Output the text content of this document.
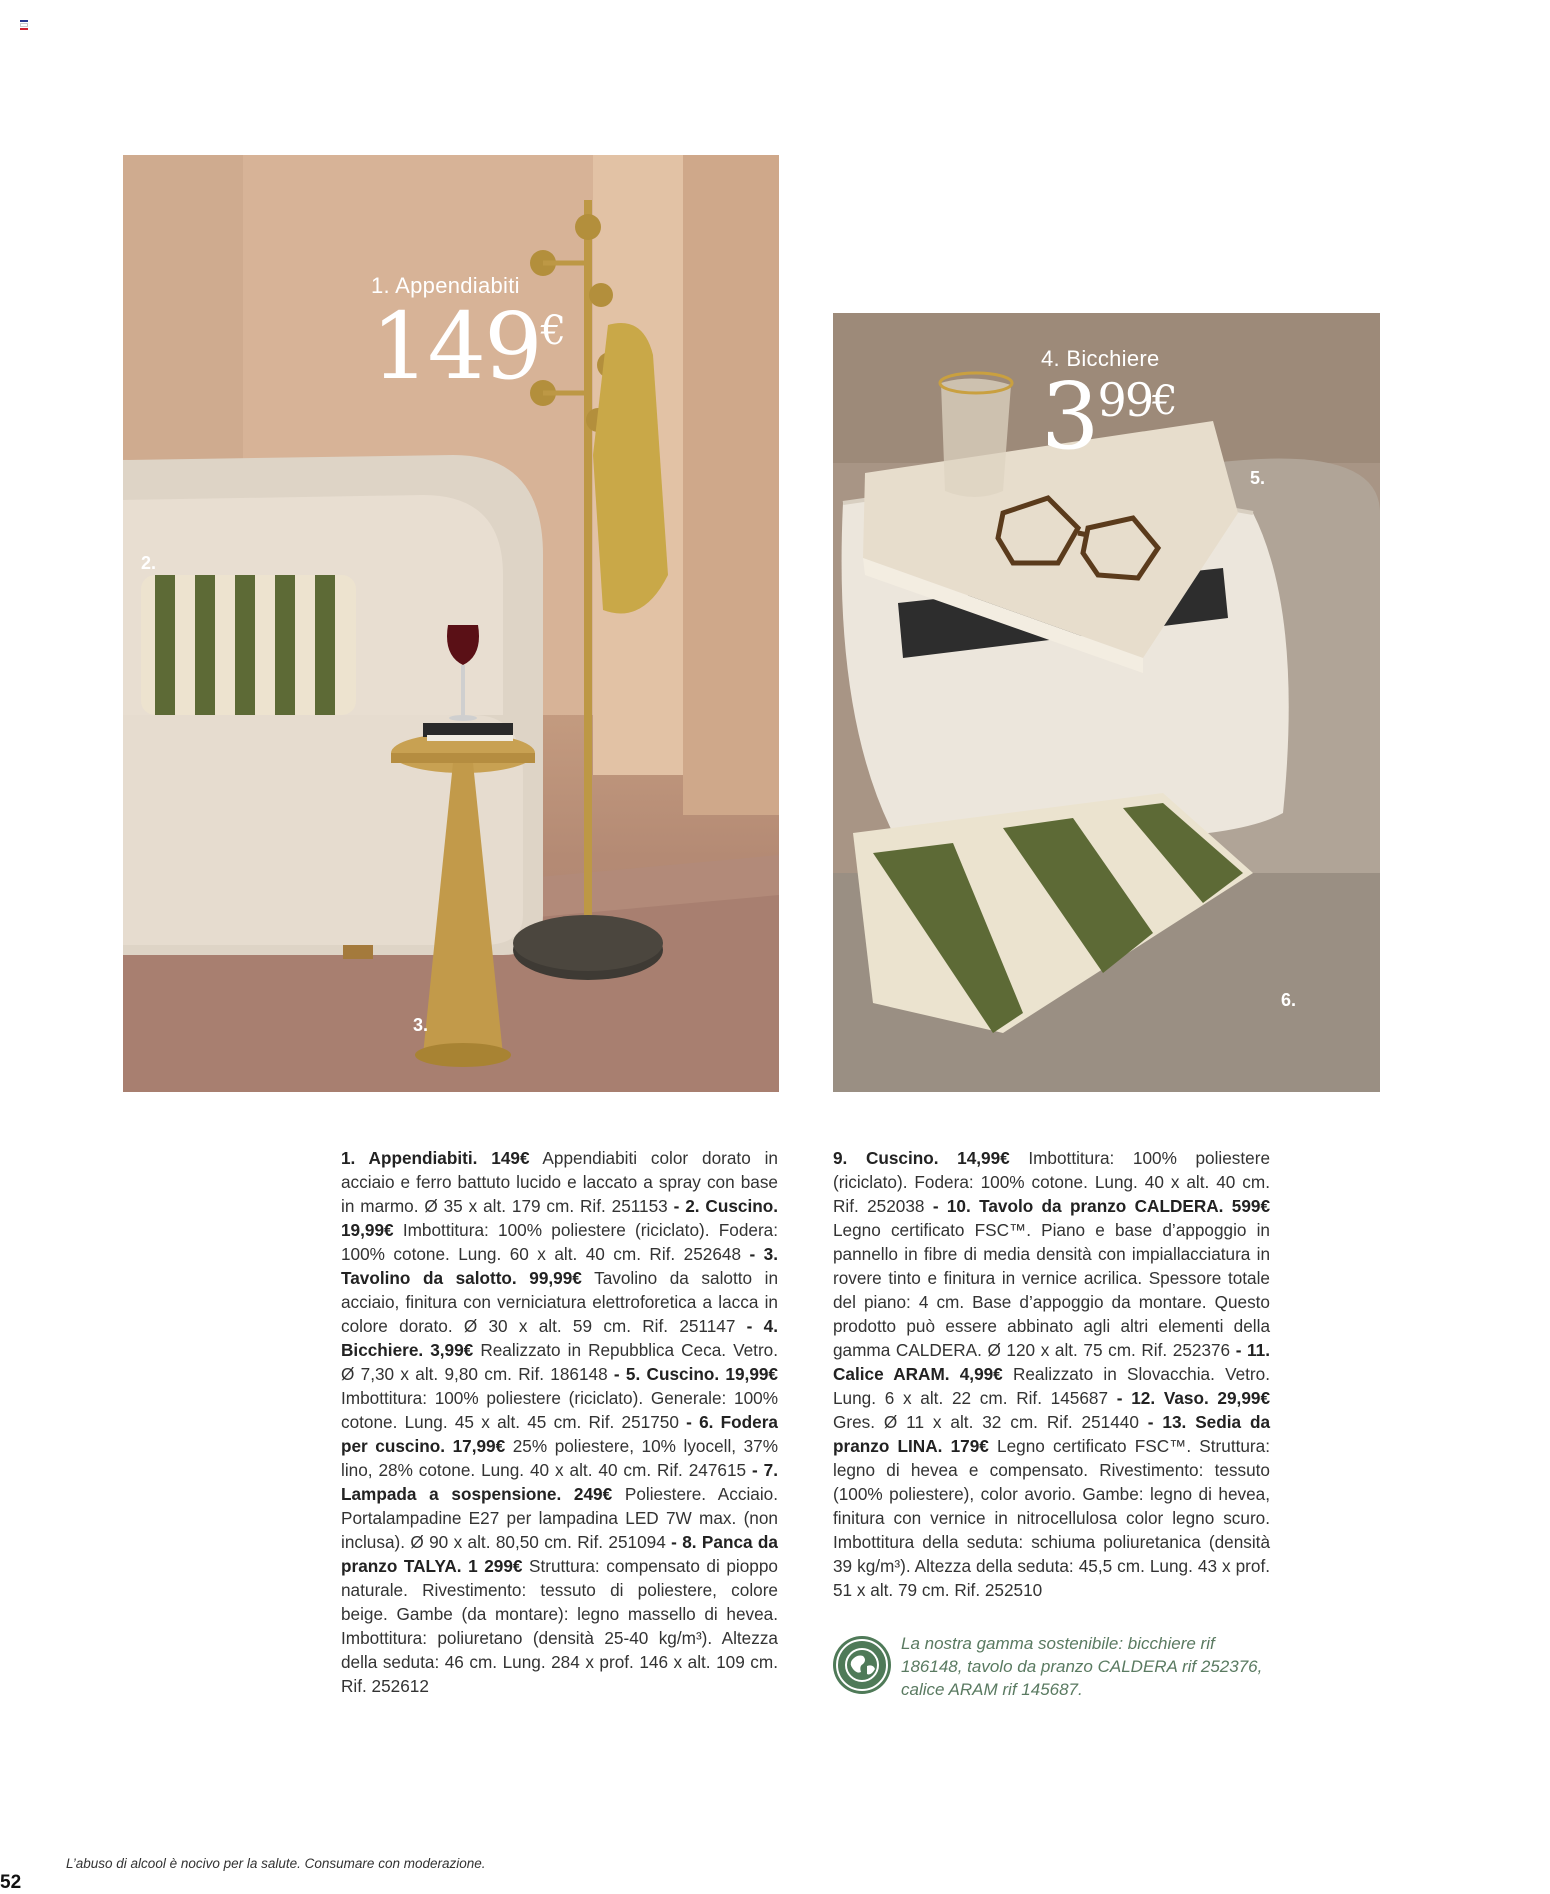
1. Appendiabiti
149€
2.
3.
4. Bicchiere
$3^{99€}$
5.
6.
1. Appendiabiti. 149€ Appendiabiti color dorato in acciaio e ferro battuto lucido e laccato a spray con base in marmo. Ø 35 x alt. 179 cm. Rif. 251153 - 2. Cuscino. 19,99€ Imbottitura: 100% poliestere (riciclato). Fodera: 100% cotone. Lung. 60 x alt. 40 cm. Rif. 252648 - 3. Tavolino da salotto. 99,99€ Tavolino da salotto in acciaio, finitura con verniciatura elettroforetica a lacca in colore dorato. Ø 30 x alt. 59 cm. Rif. 251147 - 4. Bicchiere. 3,99€ Realizzato in Repubblica Ceca. Vetro. Ø 7,30 x alt. 9,80 cm. Rif. 186148 - 5. Cuscino. 19,99€ Imbottitura: 100% poliestere (riciclato). Generale: 100% cotone. Lung. 45 x alt. 45 cm. Rif. 251750 - 6. Fodera per cuscino. 17,99€ 25% poliestere, 10% lyocell, 37% lino, 28% cotone. Lung. 40 x alt. 40 cm. Rif. 247615 - 7. Lampada a sospensione. 249€ Poliestere. Acciaio. Portalampadine E27 per lampadina LED 7W max. (non inclusa). Ø 90 x alt. 80,50 cm. Rif. 251094 - 8. Panca da pranzo TALYA. 1 299€ Struttura: compensato di pioppo naturale. Rivestimento: tessuto di poliestere, colore beige. Gambe (da montare): legno massello di hevea. Imbottitura: poliuretano (densità 25-40 kg/m³). Altezza della seduta: 46 cm. Lung. 284 x prof. 146 x alt. 109 cm. Rif. 252612
9. Cuscino. 14,99€ Imbottitura: 100% poliestere (riciclato). Fodera: 100% cotone. Lung. 40 x alt. 40 cm. Rif. 252038 - 10. Tavolo da pranzo CALDERA. 599€ Legno certificato FSC™. Piano e base d’appoggio in pannello in fibre di media densità con impiallacciatura in rovere tinto e finitura in vernice acrilica. Spessore totale del piano: 4 cm. Base d’appoggio da montare. Questo prodotto può essere abbinato agli altri elementi della gamma CALDERA. Ø 120 x alt. 75 cm. Rif. 252376 - 11. Calice ARAM. 4,99€ Realizzato in Slovacchia. Vetro. Lung. 6 x alt. 22 cm. Rif. 145687 - 12. Vaso. 29,99€ Gres. Ø 11 x alt. 32 cm. Rif. 251440 - 13. Sedia da pranzo LINA. 179€ Legno certificato FSC™. Struttura: legno di hevea e compensato. Rivestimento: tessuto (100% poliestere), color avorio. Gambe: legno di hevea, finitura con vernice in nitrocellulosa color legno scuro. Imbottitura della seduta: schiuma poliuretanica (densità 39 kg/m³). Altezza della seduta: 45,5 cm. Lung. 43 x prof. 51 x alt. 79 cm. Rif. 252510
La nostra gamma sostenibile: bicchiere rif 186148, tavolo da pranzo CALDERA rif 252376, calice ARAM rif 145687.
L’abuso di alcool è nocivo per la salute. Consumare con moderazione.
52
